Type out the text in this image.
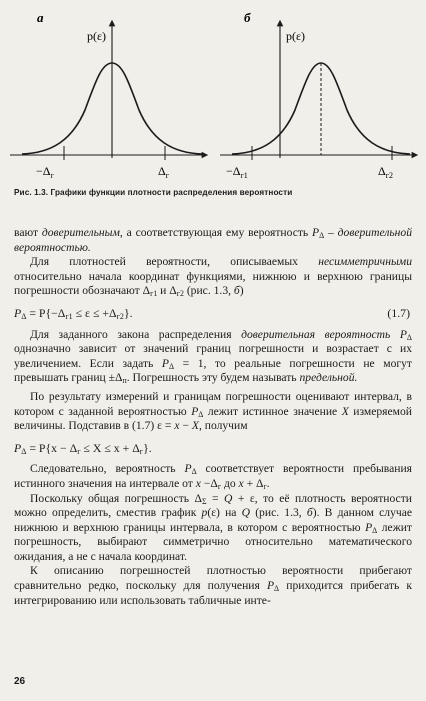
а
p(ε)
$-\Delta_г$	$\Delta_г$
б
p(ε)
$-\Delta_{г1}$	$\Delta_{г2}$
Рис. 1.3. Графики функции плотности распределения вероятности

вают доверительным, а соответствующая ему вероятность $P_\Delta$ – доверительной вероятностью.

Для плотностей вероятности, описываемых несимметричными относительно начала координат функциями, нижнюю и верхнюю границы погрешности обозначают $\Delta_{г1}$ и $\Delta_{г2}$ (рис. 1.3, б)

$P_\Delta = P\{-\Delta_{г1} \le \varepsilon \le +\Delta_{г2}\}$.	(1.7)

Для заданного закона распределения доверительная вероятность $P_\Delta$ однозначно зависит от значений границ погрешности и возрастает с их увеличением. Если задать $P_\Delta = 1$, то реальные погрешности не могут превышать границ $\pm\Delta_п$. Погрешность эту будем называть предельной.

По результату измерений и границам погрешности оценивают интервал, в котором с заданной вероятностью $P_\Delta$ лежит истинное значение X измеряемой величины. Подставив в (1.7) ε = x − X, получим

$P_\Delta = P\{x - \Delta_г \le X \le x + \Delta_г\}$.

Следовательно, вероятность $P_\Delta$ соответствует вероятности пребывания истинного значения на интервале от $x -\Delta_г$ до $x + \Delta_г$.

Поскольку общая погрешность $\Delta_\Sigma = Q + \varepsilon$, то её плотность вероятности можно определить, сместив график p(ε) на Q (рис. 1.3, б). В данном случае нижнюю и верхнюю границы интервала, в котором с вероятностью $P_\Delta$ лежит погрешность, выбирают симметрично относительно математического ожидания, а не с начала координат.

К описанию погрешностей плотностью вероятности прибегают сравнительно редко, поскольку для получения $P_\Delta$ приходится прибегать к интегрированию или использовать табличные инте-

26
